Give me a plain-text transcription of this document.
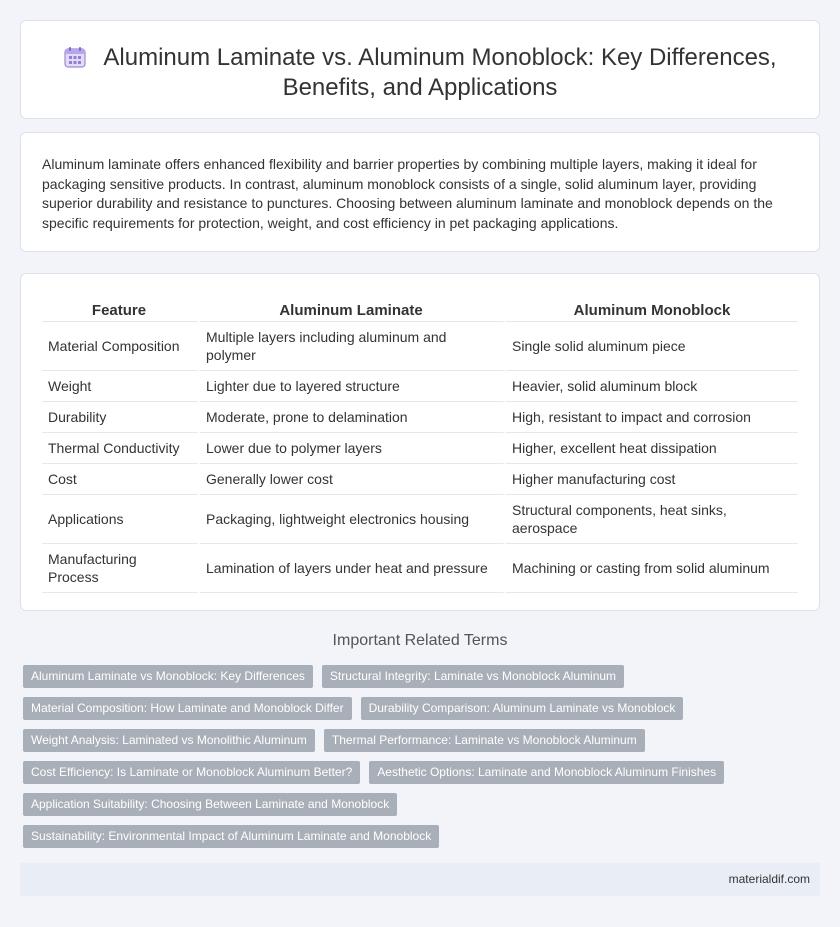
Aluminum Laminate vs. Aluminum Monoblock: Key Differences,
Benefits, and Applications

Aluminum laminate offers enhanced flexibility and barrier properties by combining multiple layers, making it ideal for packaging sensitive products. In contrast, aluminum monoblock consists of a single, solid aluminum layer, providing superior durability and resistance to punctures. Choosing between aluminum laminate and monoblock depends on the specific requirements for protection, weight, and cost efficiency in pet packaging applications.

Feature	Aluminum Laminate	Aluminum Monoblock
Material Composition	Multiple layers including aluminum and polymer	Single solid aluminum piece
Weight	Lighter due to layered structure	Heavier, solid aluminum block
Durability	Moderate, prone to delamination	High, resistant to impact and corrosion
Thermal Conductivity	Lower due to polymer layers	Higher, excellent heat dissipation
Cost	Generally lower cost	Higher manufacturing cost
Applications	Packaging, lightweight electronics housing	Structural components, heat sinks, aerospace
Manufacturing Process	Lamination of layers under heat and pressure	Machining or casting from solid aluminum
Important Related Terms
Aluminum Laminate vs Monoblock: Key Differences Structural Integrity: Laminate vs Monoblock Aluminum
Material Composition: How Laminate and Monoblock Differ Durability Comparison: Aluminum Laminate vs Monoblock
Weight Analysis: Laminated vs Monolithic Aluminum Thermal Performance: Laminate vs Monoblock Aluminum
Cost Efficiency: Is Laminate or Monoblock Aluminum Better? Aesthetic Options: Laminate and Monoblock Aluminum Finishes
Application Suitability: Choosing Between Laminate and Monoblock
Sustainability: Environmental Impact of Aluminum Laminate and Monoblock
materialdif.com
